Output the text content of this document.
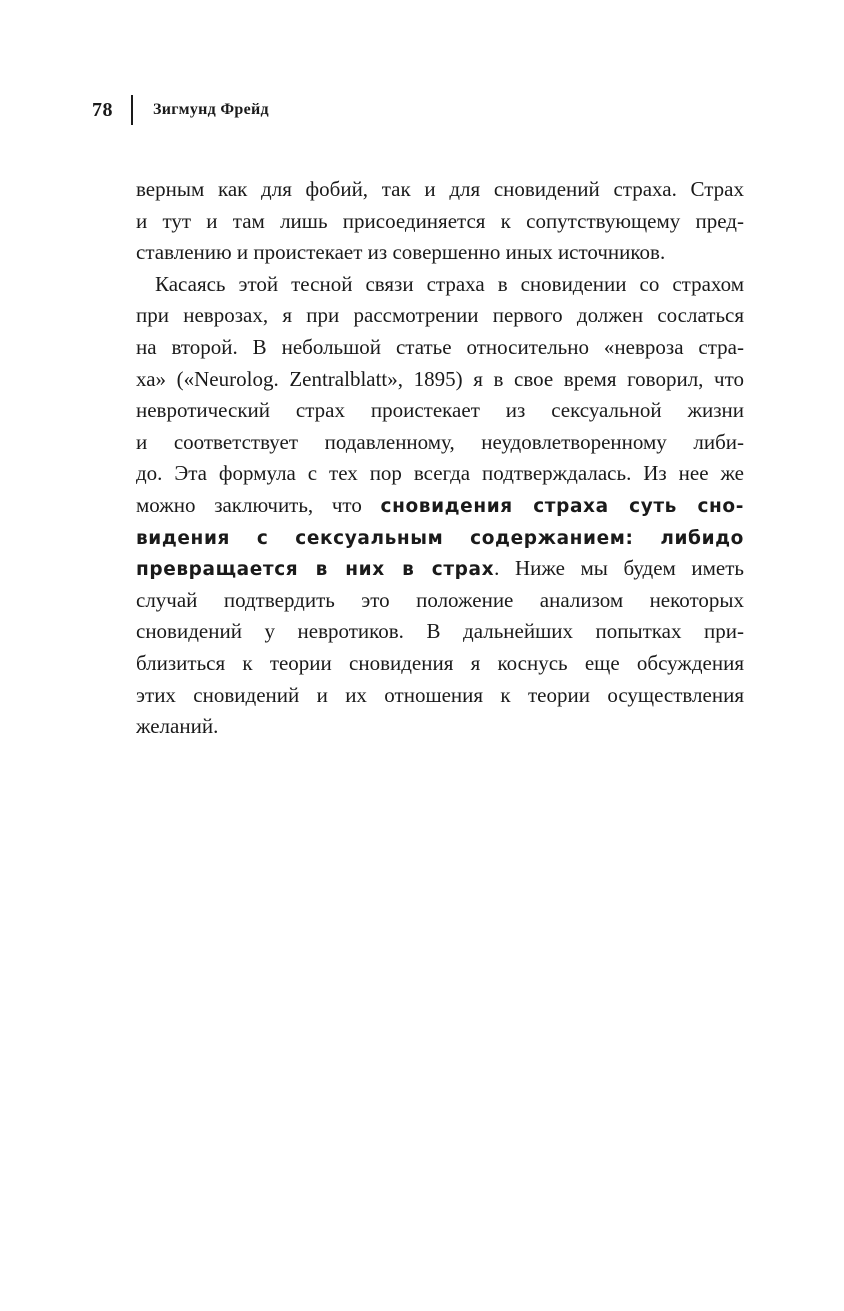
78	Зигмунд Фрейд
верным как для фобий, так и для сновидений страха. Страх
и тут и там лишь присоединяется к сопутствующему пред-
ставлению и проистекает из совершенно иных источников.
Касаясь этой тесной связи страха в сновидении со страхом
при неврозах, я при рассмотрении первого должен сослаться
на второй. В небольшой статье относительно «невроза стра-
ха» («Neurolog. Zentralblatt», 1895) я в свое время говорил, что
невротический страх проистекает из сексуальной жизни
и соответствует подавленному, неудовлетворенному либи-
до. Эта формула с тех пор всегда подтверждалась. Из нее же
можно заключить, что сновидения страха суть сно-
видения с сексуальным содержанием: либидо
превращается в них в страх. Ниже мы будем иметь
случай подтвердить это положение анализом некоторых
сновидений у невротиков. В дальнейших попытках при-
близиться к теории сновидения я коснусь еще обсуждения
этих сновидений и их отношения к теории осуществления
желаний.
